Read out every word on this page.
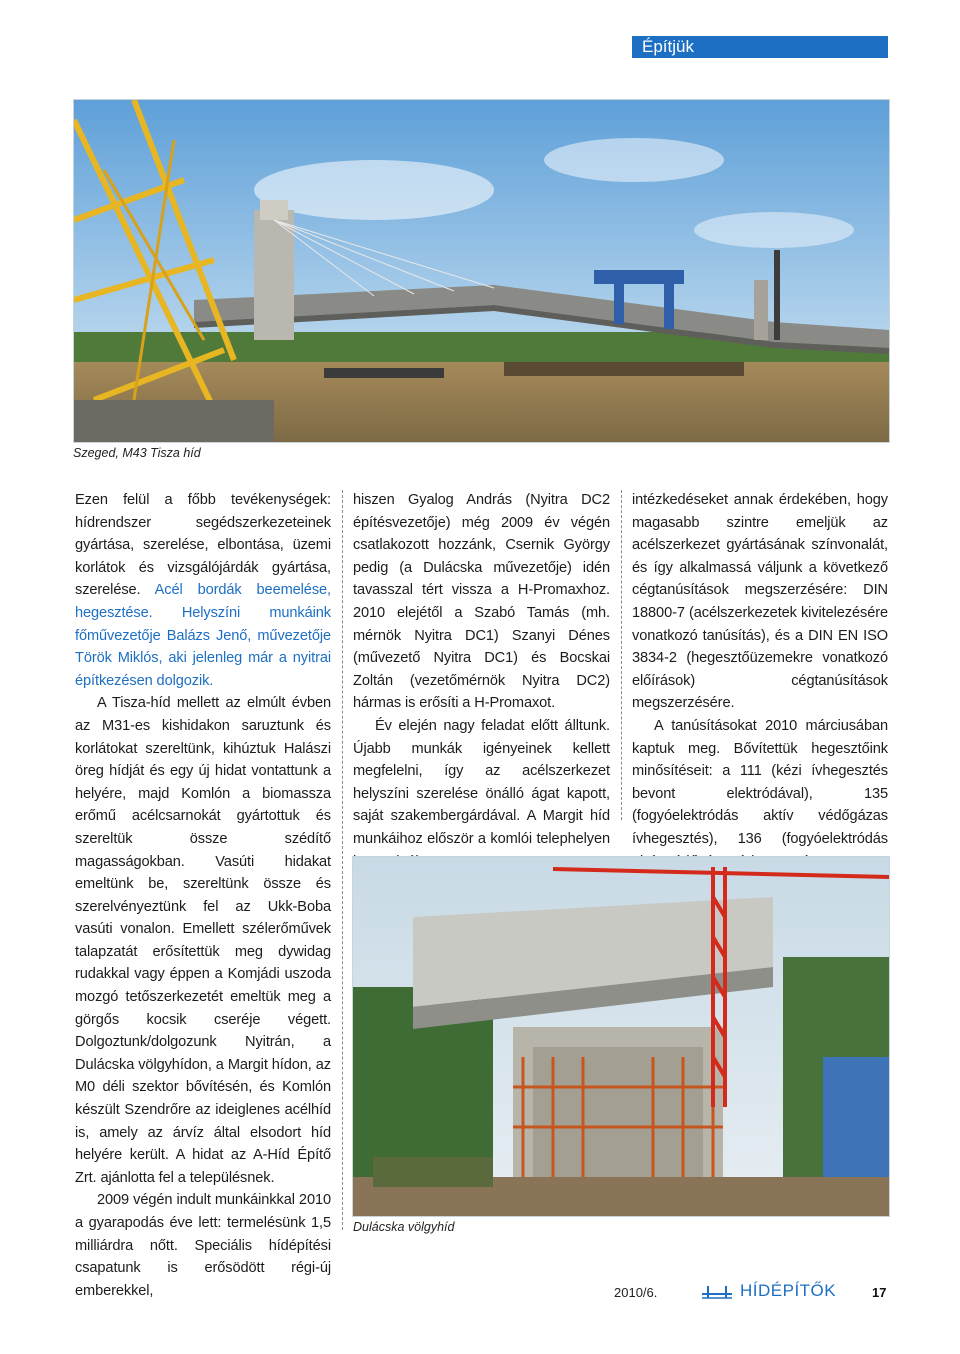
Építjük
Szeged, M43 Tisza híd

Ezen felül a főbb tevékenységek: hídrendszer segédszerkezeteinek gyártása, szerelése, elbontása, üzemi korlátok és vizsgálójárdák gyártása, szerelése. Acél bordák beemelése, hegesztése. Helyszíni munkáink főművezetője Balázs Jenő, művezetője Török Miklós, aki jelenleg már a nyitrai építkezésen dolgozik.

A Tisza-híd mellett az elmúlt évben az M31-es kishidakon saruztunk és korlátokat szereltünk, kihúztuk Halászi öreg hídját és egy új hidat vontattunk a helyére, majd Komlón a biomassza erőmű acélcsarnokát gyártottuk és szereltük össze szédítő magasságokban. Vasúti hidakat emeltünk be, szereltünk össze és szerelvényeztünk fel az Ukk-Boba vasúti vonalon. Emellett szélerőművek talapzatát erősítettük meg dywidag rudakkal vagy éppen a Komjádi uszoda mozgó tetőszerkezetét emeltük meg a görgős kocsik cseréje végett. Dolgoztunk/dolgozunk Nyitrán, a Dulácska völgyhídon, a Margit hídon, az M0 déli szektor bővítésén, és Komlón készült Szendrőre az ideiglenes acélhíd is, amely az árvíz által elsodort híd helyére került. A hidat az A-Híd Építő Zrt. ajánlotta fel a településnek.

2009 végén indult munkáinkkal 2010 a gyarapodás éve lett: termelésünk 1,5 milliárdra nőtt. Speciális hídépítési csapatunk is erősödött régi-új emberekkel,

hiszen Gyalog András (Nyitra DC2 építésvezetője) még 2009 év végén csatlakozott hozzánk, Csernik György pedig (a Dulácska művezetője) idén tavasszal tért vissza a H-Promaxhoz. 2010 elejétől a Szabó Tamás (mh. mérnök Nyitra DC1) Szanyi Dénes (művezető Nyitra DC1) és Bocskai Zoltán (vezetőmérnök Nyitra DC2) hármas is erősíti a H-Promaxot.

Év elején nagy feladat előtt álltunk. Újabb munkák igényeinek kellett megfelelni, így az acélszerkezet helyszíni szerelése önálló ágat kapott, saját szakembergárdával. A Margit híd munkáihoz először a komlói telephelyen

intézkedéseket annak érdekében, hogy magasabb szintre emeljük az acélszerkezet gyártásának színvonalát, és így alkalmassá váljunk a következő cégtanúsítások megszerzésére: DIN 18800-7 (acélszerkezetek kivitelezésére vonatkozó tanúsítás), és a DIN EN ISO 3834-2 (hegesztőüzemekre vonatkozó előírások) cégtanúsítások megszerzésére.

A tanúsításokat 2010 márciusában kaptuk meg. Bővítettük hegesztőink minősítéseit: a 111 (kézi ívhegesztés bevont elektródával), 135 (fogyóelektródás aktív védőgázas ívhegesztés), 136 (fogyóelektródás

Dulácska völgyhíd
2010/6.	HÍDÉPÍTŐK	17
